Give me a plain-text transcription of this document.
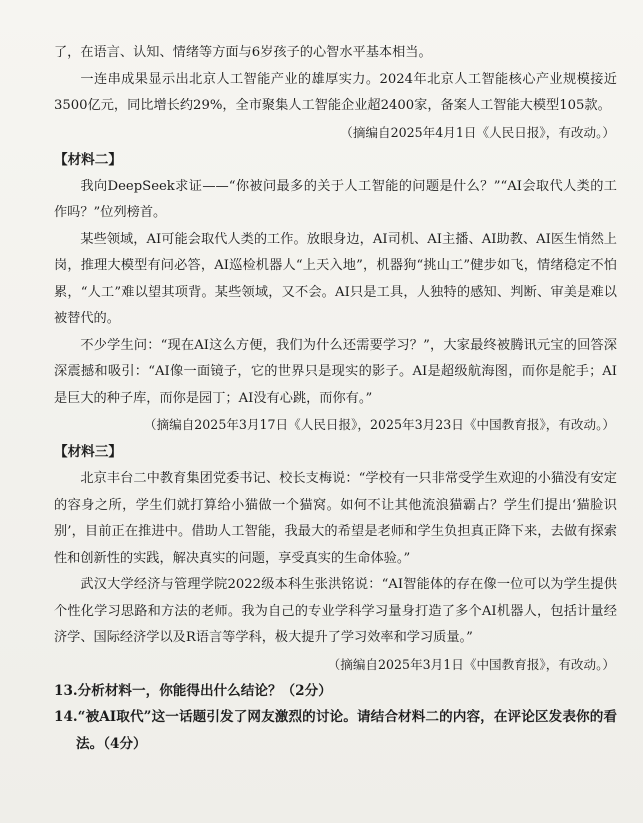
了，在语言、认知、情绪等方面与6岁孩子的心智水平基本相当。

一连串成果显示出北京人工智能产业的雄厚实力。2024年北京人工智能核心产业规模接近3500亿元，同比增长约29%，全市聚集人工智能企业超2400家，备案人工智能大模型105款。

（摘编自2025年4月1日《人民日报》，有改动。）

【材料二】

我向DeepSeek求证——“你被问最多的关于人工智能的问题是什么？”“AI会取代人类的工作吗？”位列榜首。

某些领域，AI可能会取代人类的工作。放眼身边，AI司机、AI主播、AI助教、AI医生悄然上岗，推理大模型有问必答，AI巡检机器人“上天入地”，机器狗“挑山工”健步如飞，情绪稳定不怕累，“人工”难以望其项背。某些领域，又不会。AI只是工具，人独特的感知、判断、审美是难以被替代的。

不少学生问：“现在AI这么方便，我们为什么还需要学习？”，大家最终被腾讯元宝的回答深深震撼和吸引：“AI像一面镜子，它的世界只是现实的影子。AI是超级航海图，而你是舵手；AI是巨大的种子库，而你是园丁；AI没有心跳，而你有。”

（摘编自2025年3月17日《人民日报》，2025年3月23日《中国教育报》，有改动。）

【材料三】

北京丰台二中教育集团党委书记、校长支梅说：“学校有一只非常受学生欢迎的小猫没有安定的容身之所，学生们就打算给小猫做一个猫窝。如何不让其他流浪猫霸占？学生们提出‘猫脸识别’，目前正在推进中。借助人工智能，我最大的希望是老师和学生负担真正降下来，去做有探索性和创新性的实践，解决真实的问题，享受真实的生命体验。”

武汉大学经济与管理学院2022级本科生张洪铭说：“AI智能体的存在像一位可以为学生提供个性化学习思路和方法的老师。我为自己的专业学科学习量身打造了多个AI机器人，包括计量经济学、国际经济学以及R语言等学科，极大提升了学习效率和学习质量。”

（摘编自2025年3月1日《中国教育报》，有改动。）

13.分析材料一，你能得出什么结论？（2分）

14.“被AI取代”这一话题引发了网友激烈的讨论。请结合材料二的内容，在评论区发表你的看法。（4分）
